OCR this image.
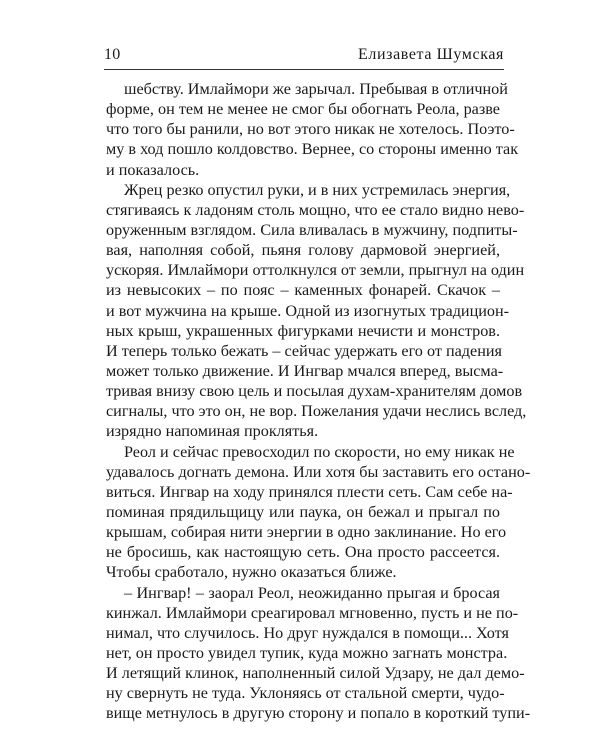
10	Елизавета Шумская
шебству. Имлаймори же зарычал. Пребывая в отличной
форме, он тем не менее не смог бы обогнать Реола, разве
что того бы ранили, но вот этого никак не хотелось. Поэто-
му в ход пошло колдовство. Вернее, со стороны именно так
и показалось.
Жрец резко опустил руки, и в них устремилась энергия,
стягиваясь к ладоням столь мощно, что ее стало видно нево-
оруженным взглядом. Сила вливалась в мужчину, подпиты-
вая, наполняя собой, пьяня голову дармовой энергией,
ускоряя. Имлаймори оттолкнулся от земли, прыгнул на один
из невысоких – по пояс – каменных фонарей. Скачок –
и вот мужчина на крыше. Одной из изогнутых традицион-
ных крыш, украшенных фигурками нечисти и монстров.
И теперь только бежать – сейчас удержать его от падения
может только движение. И Ингвар мчался вперед, высма-
тривая внизу свою цель и посылая духам-хранителям домов
сигналы, что это он, не вор. Пожелания удачи неслись вслед,
изрядно напоминая проклятья.
Реол и сейчас превосходил по скорости, но ему никак не
удавалось догнать демона. Или хотя бы заставить его остано-
виться. Ингвар на ходу принялся плести сеть. Сам себе на-
поминая прядильщицу или паука, он бежал и прыгал по
крышам, собирая нити энергии в одно заклинание. Но его
не бросишь, как настоящую сеть. Она просто рассеется.
Чтобы сработало, нужно оказаться ближе.
– Ингвар! – заорал Реол, неожиданно прыгая и бросая
кинжал. Имлаймори среагировал мгновенно, пусть и не по-
нимал, что случилось. Но друг нуждался в помощи... Хотя
нет, он просто увидел тупик, куда можно загнать монстра.
И летящий клинок, наполненный силой Удзару, не дал демо-
ну свернуть не туда. Уклоняясь от стальной смерти, чудо-
вище метнулось в другую сторону и попало в короткий тупи-
